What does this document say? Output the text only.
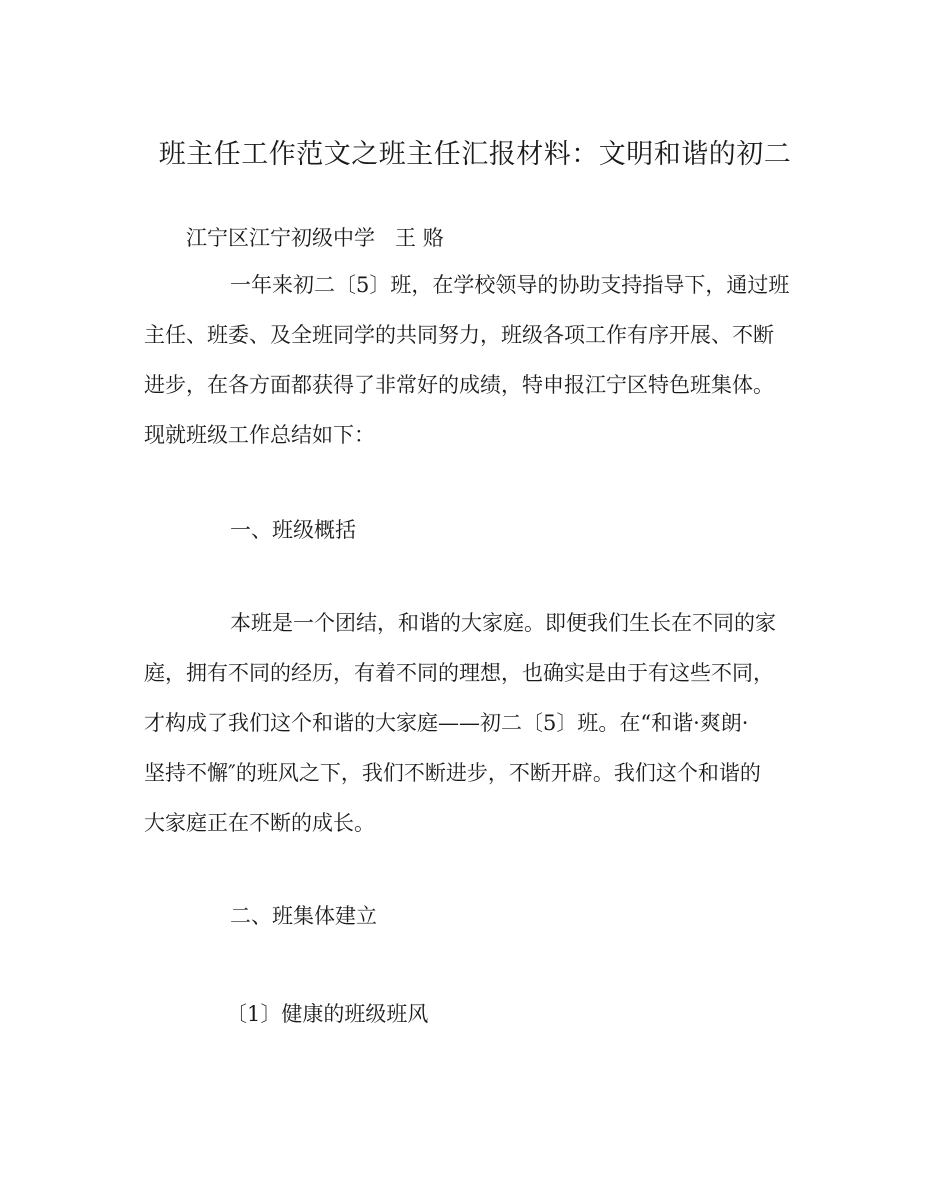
班主任工作范文之班主任汇报材料：文明和谐的初二
江宁区江宁初级中学   王 赂
一年来初二〔5〕班，在学校领导的协助支持指导下，通过班
主任、班委、及全班同学的共同努力，班级各项工作有序开展、不断
进步，在各方面都获得了非常好的成绩，特申报江宁区特色班集体。
现就班级工作总结如下：
一、班级概括
本班是一个团结，和谐的大家庭。即便我们生长在不同的家
庭，拥有不同的经历，有着不同的理想，也确实是由于有这些不同，
才构成了我们这个和谐的大家庭——初二〔5〕班。在“和谐·爽朗·
坚持不懈″的班风之下，我们不断进步，不断开辟。我们这个和谐的
大家庭正在不断的成长。
二、班集体建立
〔1〕健康的班级班风
